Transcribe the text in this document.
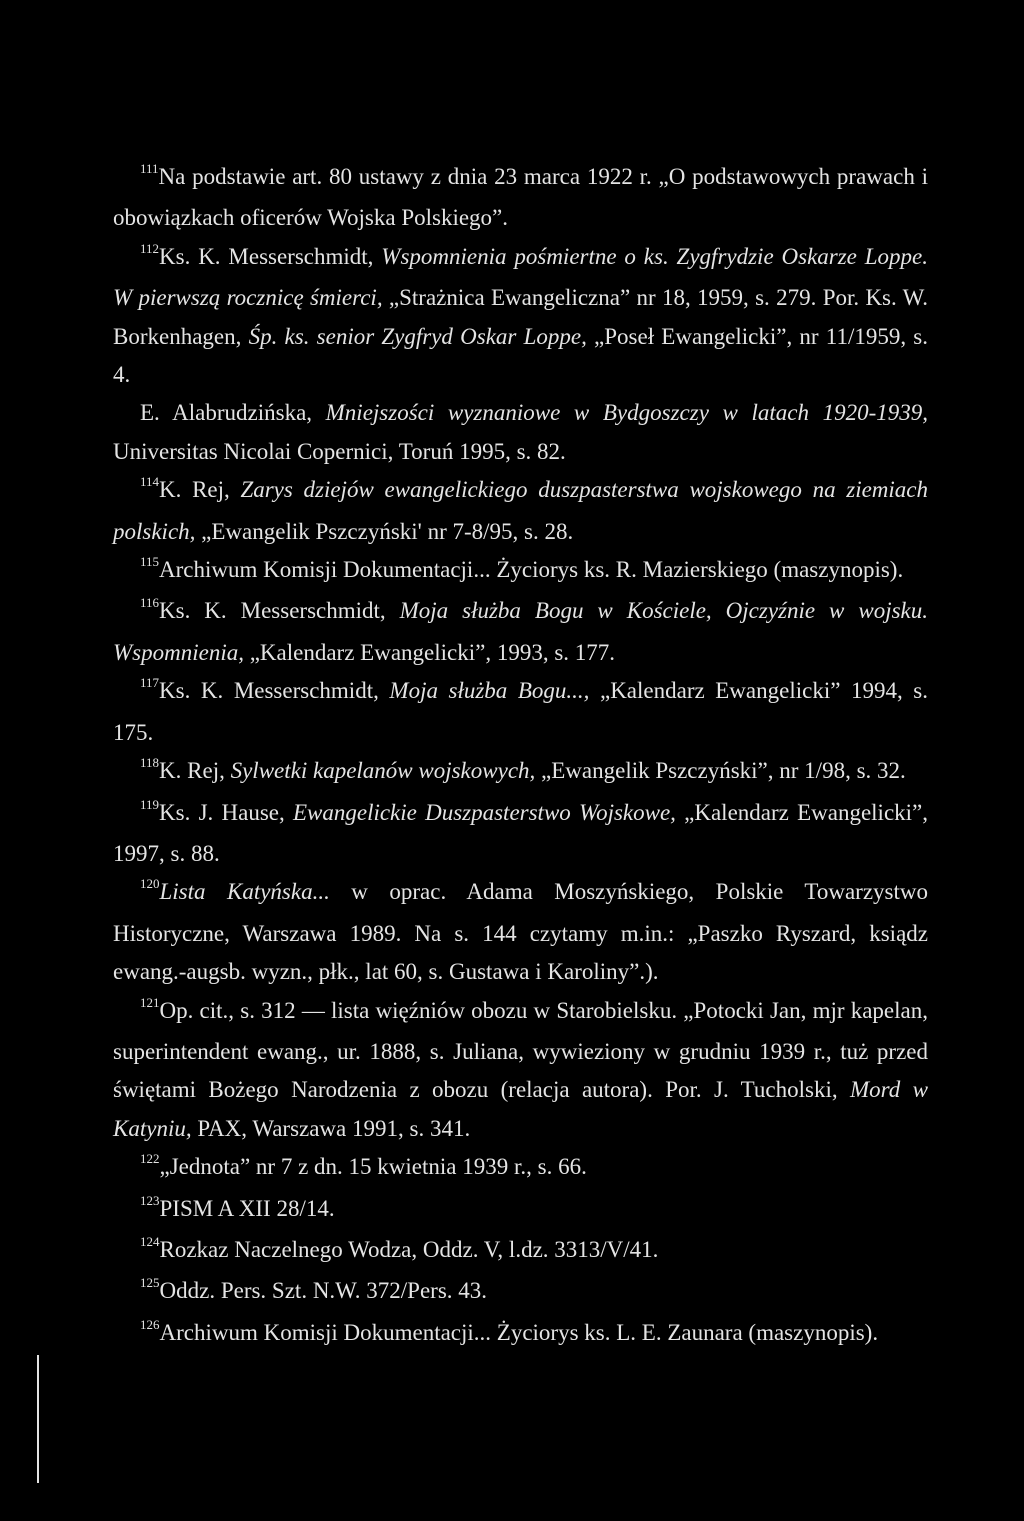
$^{111}$Na podstawie art. 80 ustawy z dnia 23 marca 1922 r. „O podstawowych prawach i obowiązkach oficerów Wojska Polskiego”.

$^{112}$Ks. K. Messerschmidt, Wspomnienia pośmiertne o ks. Zygfrydzie Oskarze Loppe. W pierwszą rocznicę śmierci, „Strażnica Ewangeliczna” nr 18, 1959, s. 279. Por. Ks. W. Borkenhagen, Śp. ks. senior Zygfryd Oskar Loppe, „Poseł Ewangelicki”, nr 11/1959, s. 4.

E. Alabrudzińska, Mniejszości wyznaniowe w Bydgoszczy w latach 1920-1939, Universitas Nicolai Copernici, Toruń 1995, s. 82.

$^{114}$K. Rej, Zarys dziejów ewangelickiego duszpasterstwa wojskowego na ziemiach polskich, „Ewangelik Pszczyński' nr 7-8/95, s. 28.

$^{115}$Archiwum Komisji Dokumentacji... Życiorys ks. R. Mazierskiego (maszynopis).

$^{116}$Ks. K. Messerschmidt, Moja służba Bogu w Kościele, Ojczyźnie w wojsku. Wspomnienia, „Kalendarz Ewangelicki”, 1993, s. 177.

$^{117}$Ks. K. Messerschmidt, Moja służba Bogu..., „Kalendarz Ewangelicki” 1994, s. 175.

$^{118}$K. Rej, Sylwetki kapelanów wojskowych, „Ewangelik Pszczyński”, nr 1/98, s. 32.

$^{119}$Ks. J. Hause, Ewangelickie Duszpasterstwo Wojskowe, „Kalendarz Ewangelicki”, 1997, s. 88.

$^{120}$Lista Katyńska... w oprac. Adama Moszyńskiego, Polskie Towarzystwo Historyczne, Warszawa 1989. Na s. 144 czytamy m.in.: „Paszko Ryszard, ksiądz ewang.-augsb. wyzn., płk., lat 60, s. Gustawa i Karoliny”.).

$^{121}$Op. cit., s. 312 — lista więźniów obozu w Starobielsku. „Potocki Jan, mjr kapelan, superintendent ewang., ur. 1888, s. Juliana, wywieziony w grudniu 1939 r., tuż przed świętami Bożego Narodzenia z obozu (relacja autora). Por. J. Tucholski, Mord w Katyniu, PAX, Warszawa 1991, s. 341.

$^{122}$„Jednota” nr 7 z dn. 15 kwietnia 1939 r., s. 66.

$^{123}$PISM A XII 28/14.

$^{124}$Rozkaz Naczelnego Wodza, Oddz. V, l.dz. 3313/V/41.

$^{125}$Oddz. Pers. Szt. N.W. 372/Pers. 43.

$^{126}$Archiwum Komisji Dokumentacji... Życiorys ks. L. E. Zaunara (maszynopis).
